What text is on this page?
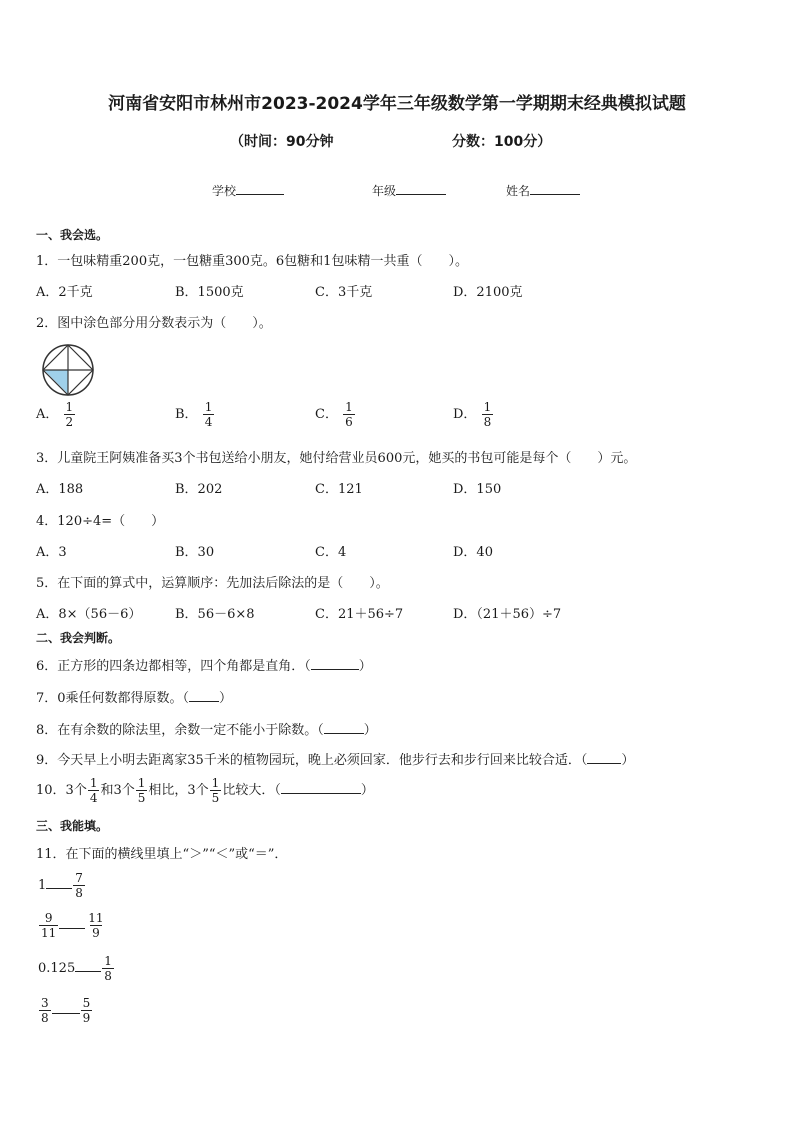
河南省安阳市林州市2023-2024学年三年级数学第一学期期末经典模拟试题
（时间：90分钟	分数：100分）
学校	年级	姓名
一、我会选。
1．一包味精重200克，一包糖重300克。6包糖和1包味精一共重（　　）。
A．2千克	B．1500克	C．3千克	D．2100克
2．图中涂色部分用分数表示为（　　）。
A． $\frac{1}{2}$	B． $\frac{1}{4}$	C． $\frac{1}{6}$	D． $\frac{1}{8}$
3．儿童院王阿姨准备买3个书包送给小朋友，她付给营业员600元，她买的书包可能是每个（　　）元。
A．188	B．202	C．121	D．150
4．120÷4=（　　）
A．3	B．30	C．4	D．40
5．在下面的算式中，运算顺序：先加法后除法的是（　　）。
A．8×（56－6）	B．56－6×8	C．21＋56÷7	D．（21＋56）÷7
二、我会判断。
6．正方形的四条边都相等，四个角都是直角．（	）
7．0乘任何数都得原数。（ ）
8．在有余数的除法里，余数一定不能小于除数。（	）
9．今天早上小明去距离家35千米的植物园玩，晚上必须回家．他步行去和步行回来比较合适．（	）
10．3个 $\frac{1}{4}$ 和3个 $\frac{1}{5}$ 相比，3个 $\frac{1}{5}$ 比较大．（	）
三、我能填。
11．在下面的横线里填上“＞”“＜”或“＝”．
$1 \frac{7}{8}$
$\frac{9}{11} \frac{11}{9}$
$0.125 \frac{1}{8}$
$\frac{3}{8}$	$\frac{5}{9}$
